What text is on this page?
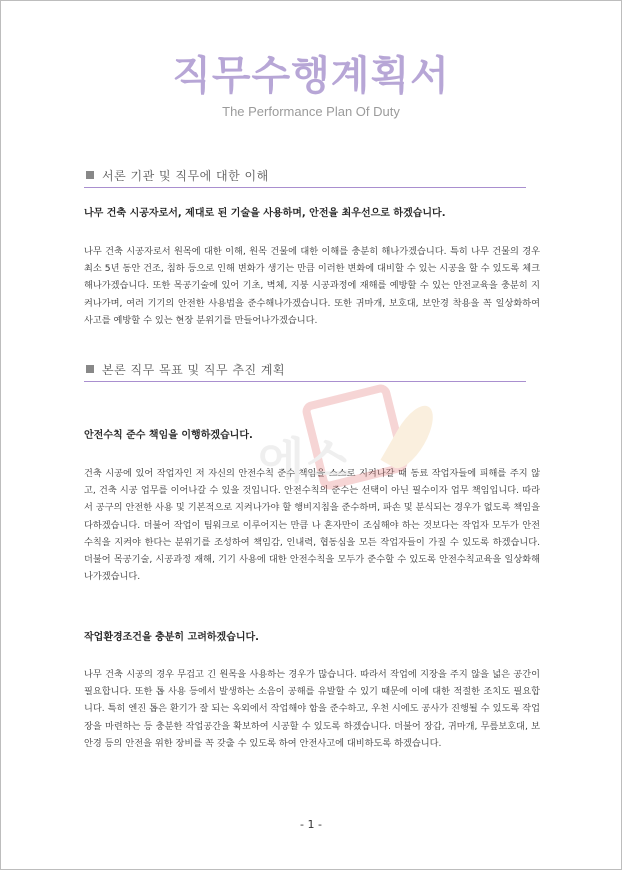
직무수행계획서
The Performance Plan Of Duty
서론 기관 및 직무에 대한 이해
나무 건축 시공자로서, 제대로 된 기술을 사용하며, 안전을 최우선으로 하겠습니다.
나무 건축 시공자로서 원목에 대한 이해, 원목 건물에 대한 이해를 충분히 해나가겠습니다. 특히 나무 건물의 경우 최소 5년 동안 건조, 침하 등으로 인해 변화가 생기는 만큼 이러한 변화에 대비할 수 있는 시공을 할 수 있도록 체크해나가겠습니다. 또한 목공기술에 있어 기초, 벽체, 지붕 시공과정에 재해를 예방할 수 있는 안전교육을 충분히 지켜나가며, 여러 기기의 안전한 사용법을 준수해나가겠습니다. 또한 귀마개, 보호대, 보안경 착용을 꼭 일상화하여 사고를 예방할 수 있는 현장 분위기를 만들어나가겠습니다.
본론 직무 목표 및 직무 추진 계획
안전수칙 준수 책임을 이행하겠습니다.
건축 시공에 있어 작업자인 저 자신의 안전수칙 준수 책임을 스스로 지켜나갈 때 동료 작업자들에 피해를 주지 않고, 건축 시공 업무를 이어나갈 수 있을 것입니다. 안전수칙의 준수는 선택이 아닌 필수이자 업무 책임입니다. 따라서 공구의 안전한 사용 및 기본적으로 지켜나가야 할 행비지침을 준수하며, 파손 및 분식되는 경우가 없도록 책임을 다하겠습니다. 더불어 작업이 팀워크로 이루어지는 만큼 나 혼자만이 조심해야 하는 것보다는 작업자 모두가 안전수칙을 지켜야 한다는 분위기를 조성하여 책임감, 인내력, 협동심을 모든 작업자들이 가질 수 있도록 하겠습니다. 더불어 목공기술, 시공과정 재해, 기기 사용에 대한 안전수칙을 모두가 준수할 수 있도록 안전수칙교육을 일상화해나가겠습니다.
작업환경조건을 충분히 고려하겠습니다.
나무 건축 시공의 경우 무겁고 긴 원목을 사용하는 경우가 많습니다. 따라서 작업에 지장을 주지 않을 넓은 공간이 필요합니다. 또한 톱 사용 등에서 발생하는 소음이 공해를 유발할 수 있기 때문에 이에 대한 적절한 조치도 필요합니다. 특히 엔진 톱은 환기가 잘 되는 옥외에서 작업해야 함을 준수하고, 우천 시에도 공사가 진행될 수 있도록 작업장을 마련하는 등 충분한 작업공간을 확보하여 시공할 수 있도록 하겠습니다. 더불어 장갑, 귀마개, 무릎보호대, 보안경 등의 안전을 위한 장비를 꼭 갖출 수 있도록 하여 안전사고에 대비하도록 하겠습니다.
에스
- 1 -
